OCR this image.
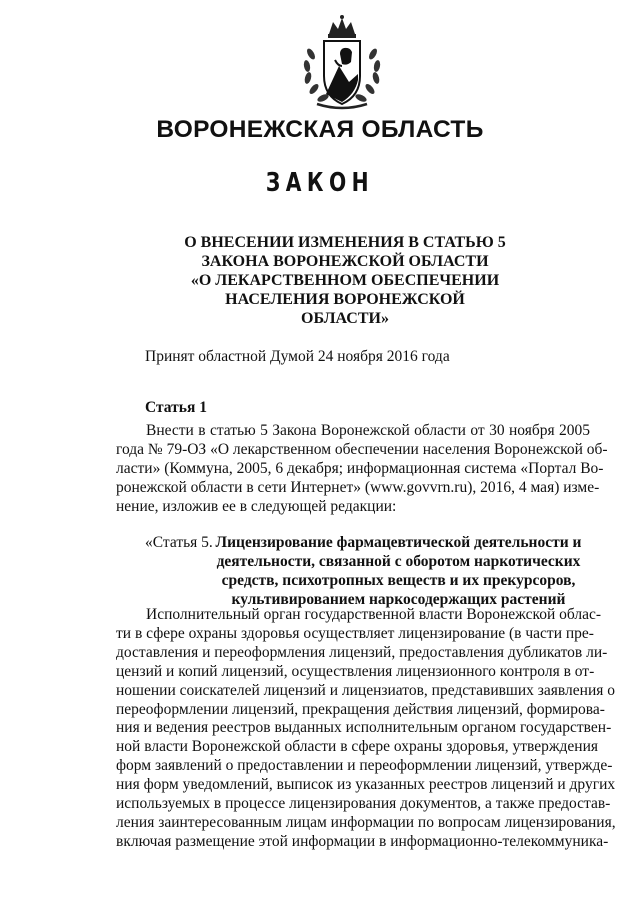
ВОРОНЕЖСКАЯ ОБЛАСТЬ
ЗАКОН
О ВНЕСЕНИИ ИЗМЕНЕНИЯ В СТАТЬЮ 5
ЗАКОНА ВОРОНЕЖСКОЙ ОБЛАСТИ
«О ЛЕКАРСТВЕННОМ ОБЕСПЕЧЕНИИ
НАСЕЛЕНИЯ ВОРОНЕЖСКОЙ
ОБЛАСТИ»
Принят областной Думой 24 ноября 2016 года
Статья 1
Внести в статью 5 Закона Воронежской области от 30 ноября 2005
года № 79-ОЗ «О лекарственном обеспечении населения Воронежской об-
ласти» (Коммуна, 2005, 6 декабря; информационная система «Портал Во-
ронежской области в сети Интернет» (www.govvrn.ru), 2016, 4 мая) изме-
нение, изложив ее в следующей редакции:
«Статья 5. Лицензирование фармацевтической деятельности и
деятельности, связанной с оборотом наркотических
средств, психотропных веществ и их прекурсоров,
культивированием наркосодержащих растений
Исполнительный орган государственной власти Воронежской облас-
ти в сфере охраны здоровья осуществляет лицензирование (в части пре-
доставления и переоформления лицензий, предоставления дубликатов ли-
цензий и копий лицензий, осуществления лицензионного контроля в от-
ношении соискателей лицензий и лицензиатов, представивших заявления о
переоформлении лицензий, прекращения действия лицензий, формирова-
ния и ведения реестров выданных исполнительным органом государствен-
ной власти Воронежской области в сфере охраны здоровья, утверждения
форм заявлений о предоставлении и переоформлении лицензий, утвержде-
ния форм уведомлений, выписок из указанных реестров лицензий и других
используемых в процессе лицензирования документов, а также предостав-
ления заинтересованным лицам информации по вопросам лицензирования,
включая размещение этой информации в информационно-телекоммуника-
